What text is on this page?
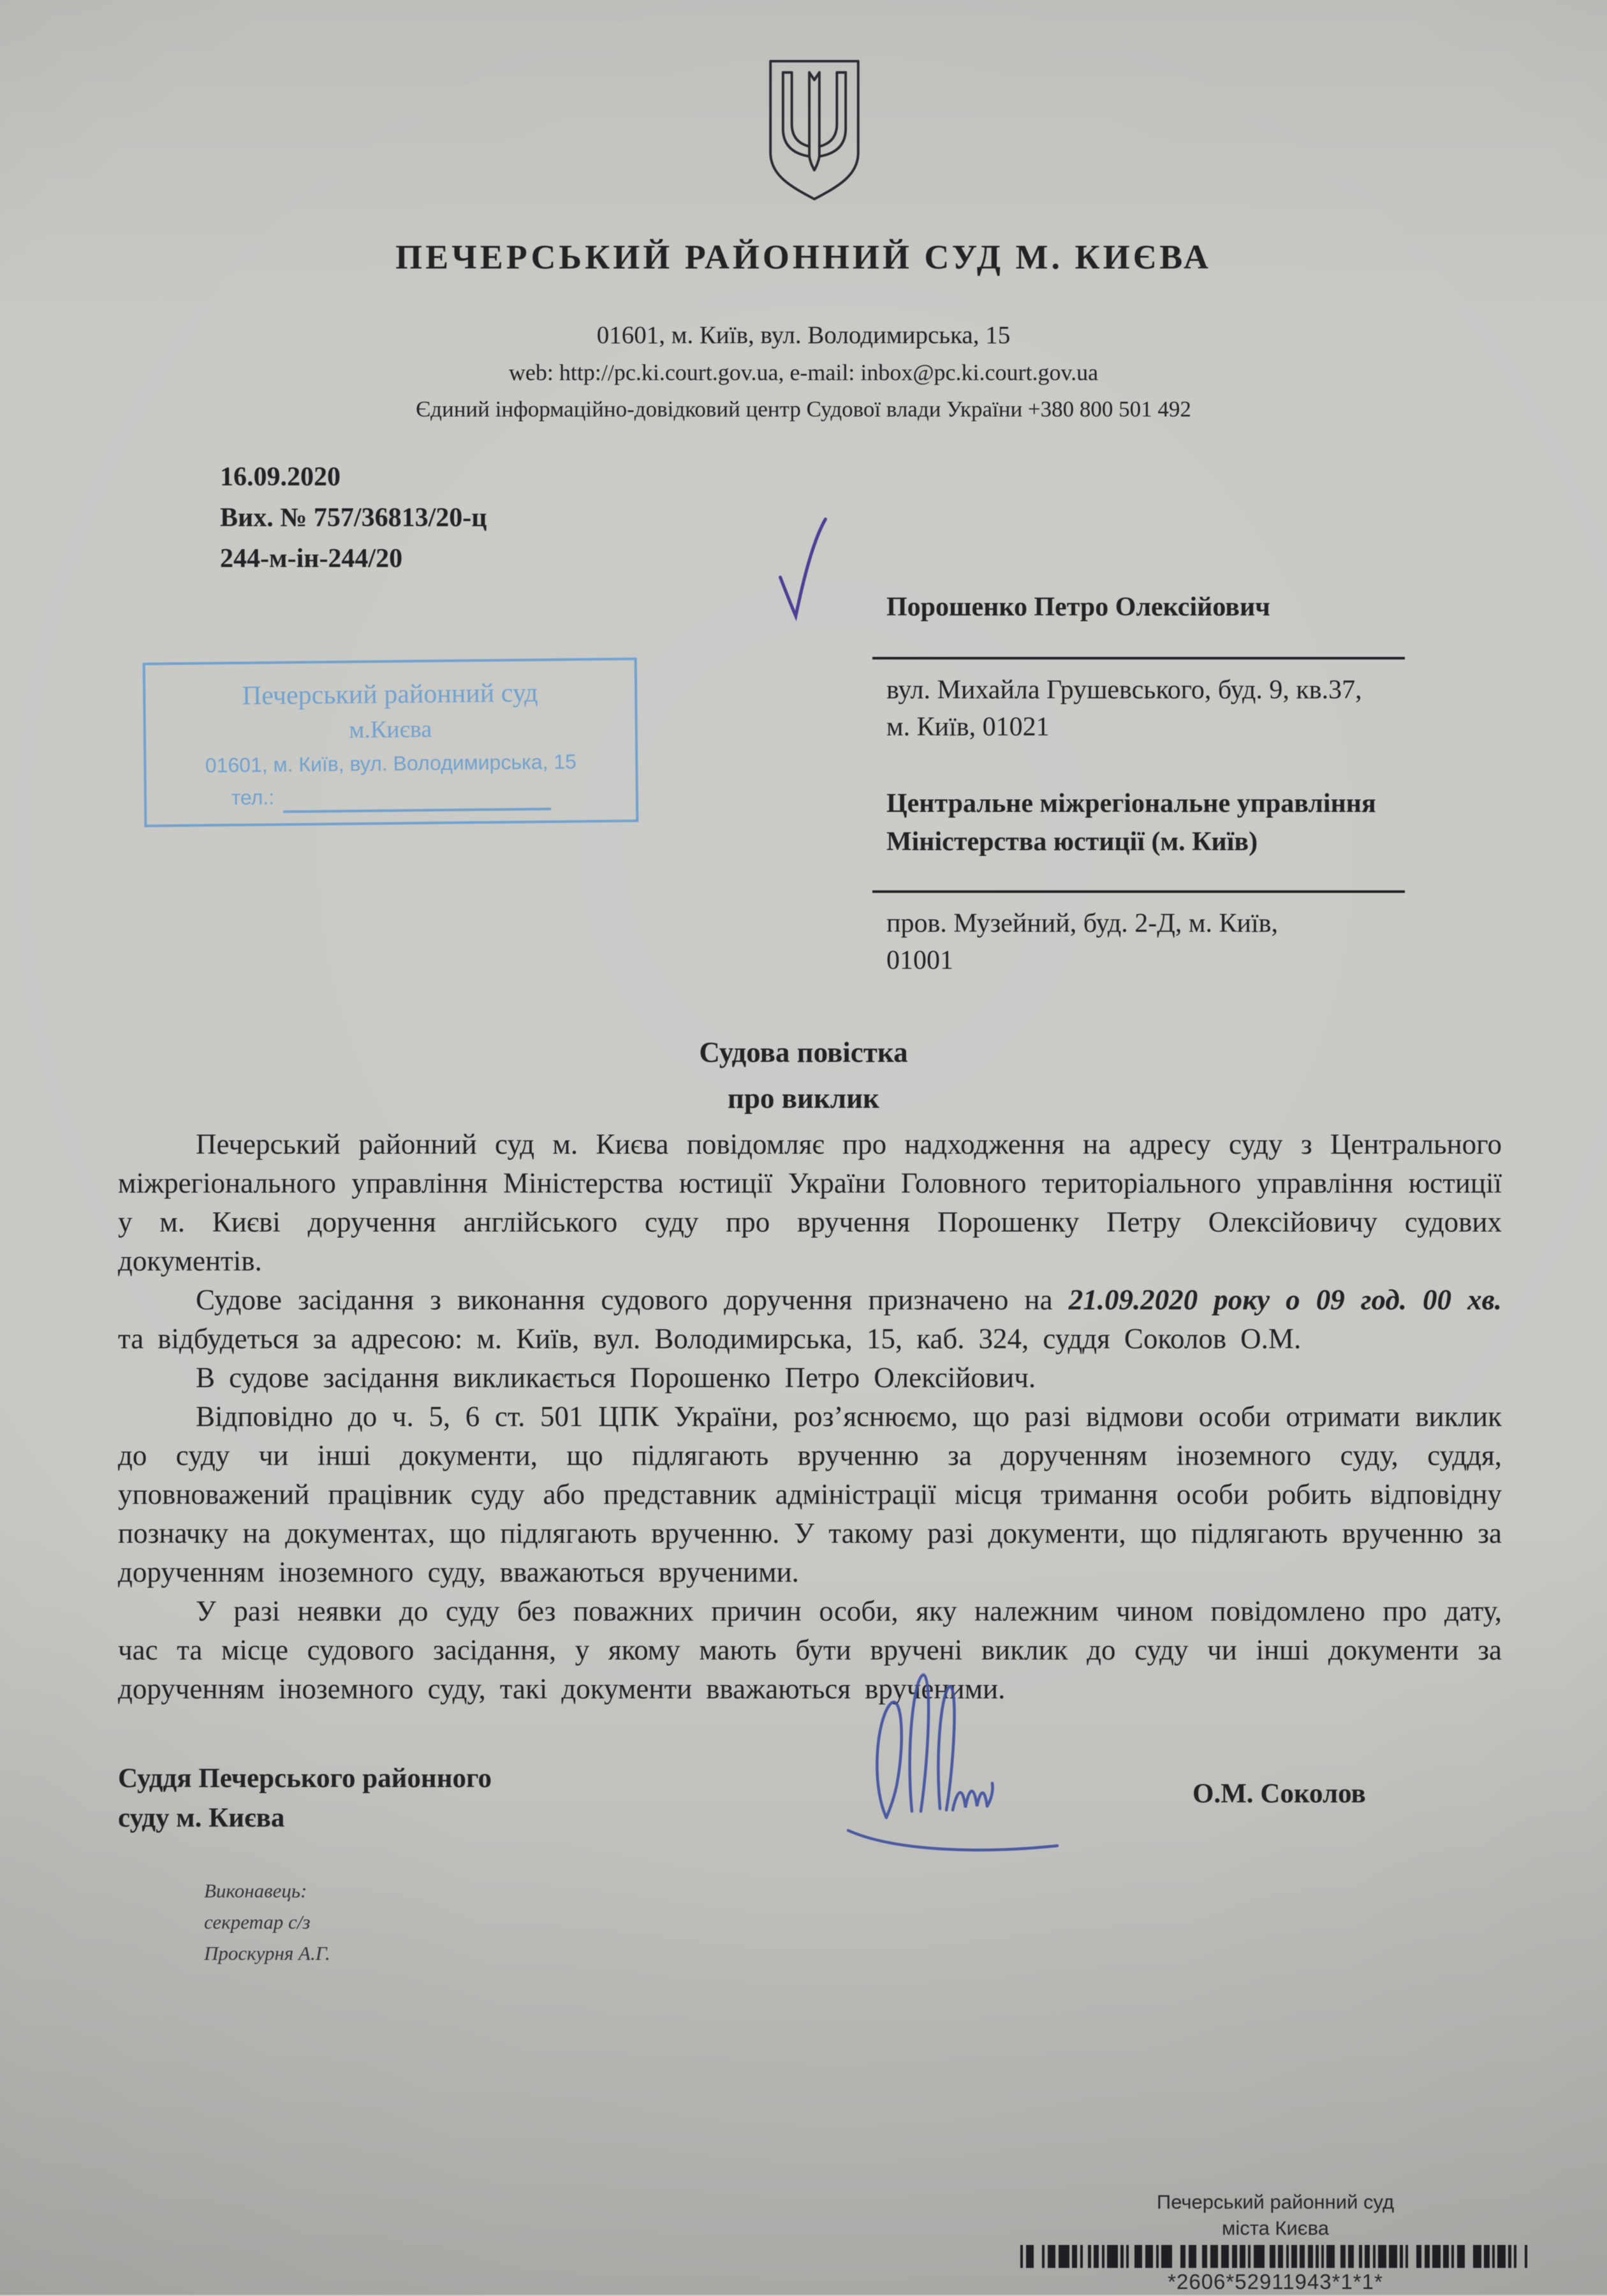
ПЕЧЕРСЬКИЙ РАЙОННИЙ СУД М. КИЄВА
01601, м. Київ, вул. Володимирська, 15
web: http://pc.ki.court.gov.ua, e-mail: inbox@pc.ki.court.gov.ua
Єдиний інформаційно-довідковий центр Судової влади України +380 800 501 492
16.09.2020
Вих. № 757/36813/20-ц
244-м-ін-244/20
Порошенко Петро Олексійович
вул. Михайла Грушевського, буд. 9, кв.37,
м. Київ, 01021
Центральне міжрегіональне управління
Міністерства юстиції (м. Київ)
пров. Музейний, буд. 2-Д, м. Київ,
01001
Печерський районний суд
м.Києва
01601, м. Київ, вул. Володимирська, 15
тел.:
Судова повістка
про виклик

Печерський районний суд м. Києва повідомляє про надходження на адресу суду з Центрального міжрегіонального управління Міністерства юстиції України Головного територіального управління юстиції у м. Києві доручення англійського суду про вручення Порошенку Петру Олексійовичу судових документів.

Судове засідання з виконання судового доручення призначено на 21.09.2020 року о 09 год. 00 хв. та відбудеться за адресою: м. Київ, вул. Володимирська, 15, каб. 324, суддя Соколов О.М.

В судове засідання викликається Порошенко Петро Олексійович.

Відповідно до ч. 5, 6 ст. 501 ЦПК України, роз’яснюємо, що разі відмови особи отримати виклик до суду чи інші документи, що підлягають врученню за дорученням іноземного суду, суддя, уповноважений працівник суду або представник адміністрації місця тримання особи робить відповідну позначку на документах, що підлягають врученню. У такому разі документи, що підлягають врученню за дорученням іноземного суду, вважаються врученими.

У разі неявки до суду без поважних причин особи, яку належним чином повідомлено про дату, час та місце судового засідання, у якому мають бути вручені виклик до суду чи інші документи за дорученням іноземного суду, такі документи вважаються врученими.

Суддя Печерського районного
суду м. Києва
О.М. Соколов
Виконавець:
секретар с/з
Проскурня А.Г.
Печерський районний суд
міста Києва
*2606*52911943*1*1*
